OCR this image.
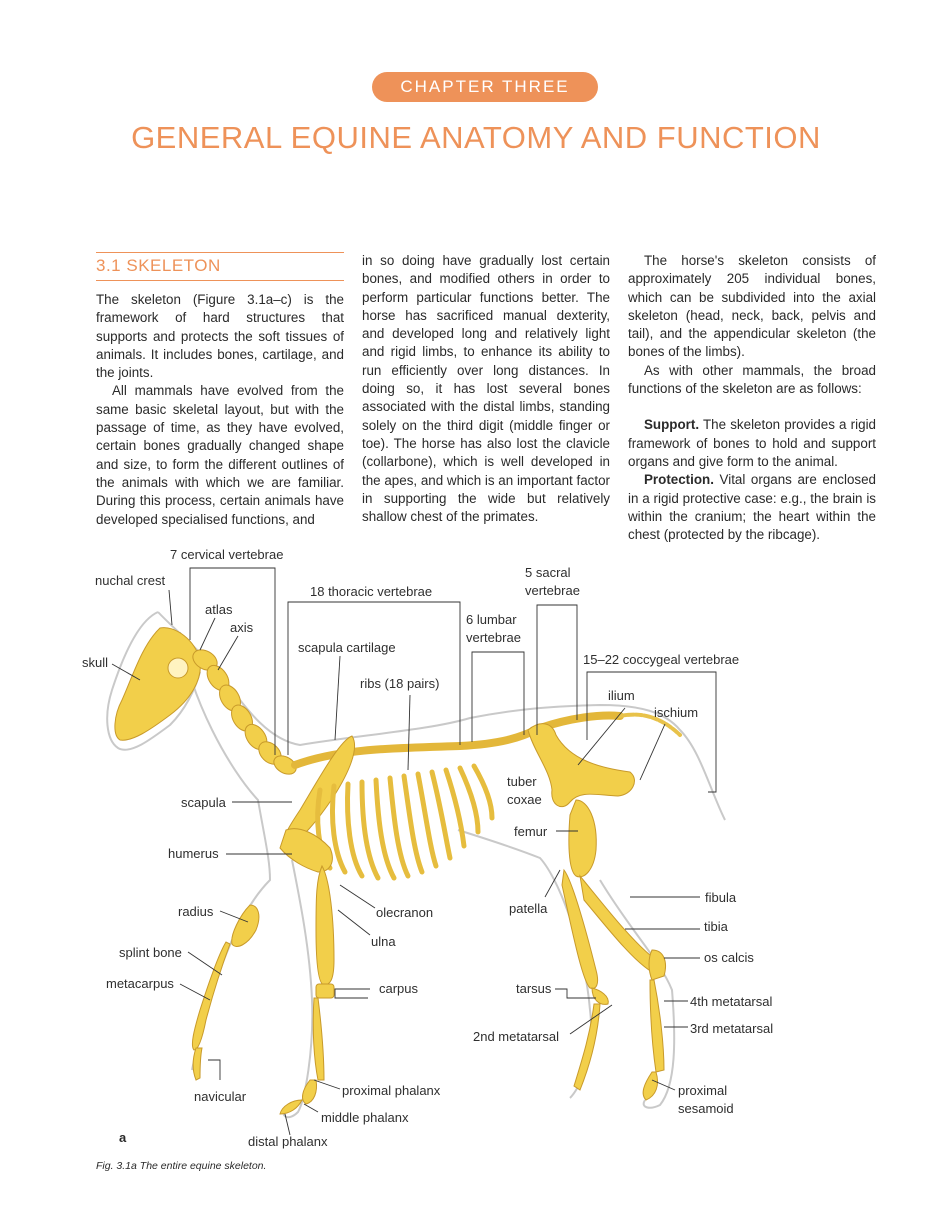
CHAPTER THREE
GENERAL EQUINE ANATOMY AND FUNCTION
3.1 SKELETON

The skeleton (Figure 3.1a–c) is the framework of hard structures that supports and protects the soft tissues of animals. It includes bones, cartilage, and the joints.

All mammals have evolved from the same basic skeletal layout, but with the passage of time, as they have evolved, certain bones gradually changed shape and size, to form the different outlines of the animals with which we are familiar. During this process, certain animals have developed specialised functions, and

in so doing have gradually lost certain bones, and modified others in order to perform particular functions better. The horse has sacrificed manual dexterity, and developed long and relatively light and rigid limbs, to enhance its ability to run efficiently over long distances. In doing so, it has lost several bones associated with the distal limbs, standing solely on the third digit (middle finger or toe). The horse has also lost the clavicle (collarbone), which is well developed in the apes, and which is an important factor in supporting the wide but relatively shallow chest of the primates.

The horse's skeleton consists of approximately 205 individual bones, which can be subdivided into the axial skeleton (head, neck, back, pelvis and tail), and the appendicular skeleton (the bones of the limbs).

As with other mammals, the broad functions of the skeleton are as follows:

Support. The skeleton provides a rigid framework of bones to hold and support organs and give form to the animal.

Protection. Vital organs are enclosed in a rigid protective case: e.g., the brain is within the cranium; the heart within the chest (protected by the ribcage).

7 cervical vertebrae
nuchal crest
18 thoracic vertebrae
5 sacral
vertebrae
atlas
axis
6 lumbar
vertebrae
scapula cartilage
skull	15–22 coccygeal vertebrae
ribs (18 pairs)
ilium
ischium
tuber
coxae
scapula
femur
humerus
fibula
radius	olecranon	patella
tibia
ulna
splint bone	os calcis
metacarpus	carpus	tarsus
4th metatarsal
2nd metatarsal
3rd metatarsal
proximal phalanx	proximal
sesamoid
navicular
middle phalanx
distal phalanx
a
Fig. 3.1a The entire equine skeleton.
